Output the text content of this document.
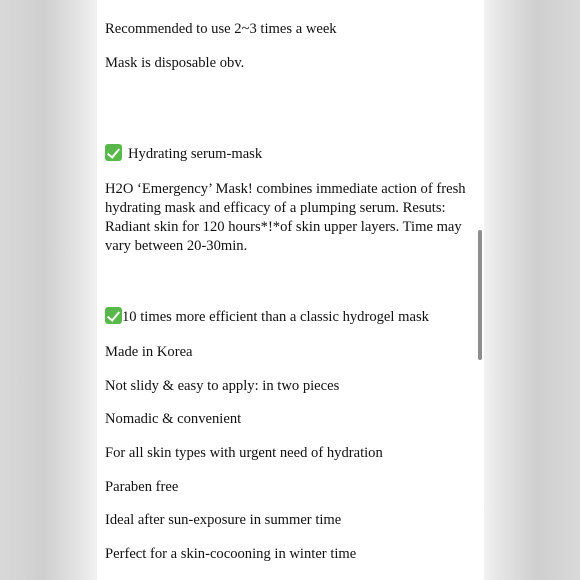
Recommended to use 2~3 times a week

Mask is disposable obv.

Hydrating serum-mask

H2O ‘Emergency’ Mask! combines immediate action of fresh

hydrating mask and efficacy of a plumping serum. Resuts:

Radiant skin for 120 hours*!*of skin upper layers. Time may

vary between 20-30min.

10 times more efficient than a classic hydrogel mask

Made in Korea

Not slidy & easy to apply: in two pieces

Nomadic & convenient

For all skin types with urgent need of hydration

Paraben free

Ideal after sun-exposure in summer time

Perfect for a skin-cocooning in winter time
